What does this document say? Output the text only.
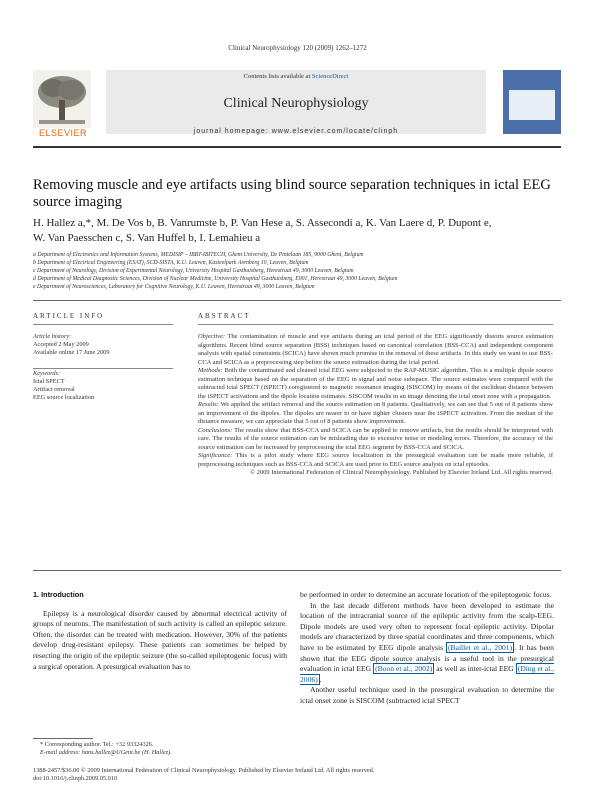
Clinical Neurophysiology 120 (2009) 1262–1272
ELSEVIER
Contents lists available at ScienceDirect
Clinical Neurophysiology
journal homepage: www.elsevier.com/locate/clinph
Removing muscle and eye artifacts using blind source separation techniques in ictal EEG source imaging
H. Hallez a,*, M. De Vos b, B. Vanrumste b, P. Van Hese a, S. Assecondi a, K. Van Laere d, P. Dupont e,
W. Van Paesschen c, S. Van Huffel b, I. Lemahieu a
a Department of Electronics and Information Systems, MEDISIP – IBBT-IBITECH, Ghent University, De Pintelaan 185, 9000 Ghent, Belgium
b Department of Electrical Engineering (ESAT), SCD-SISTA, K.U. Leuven, Kasteelpark Arenberg 10, Leuven, Belgium
c Department of Neurology, Division of Experimental Neurology, University Hospital Gasthuisberg, Herestraat 49, 3000 Leuven, Belgium
d Department of Medical Diagnostic Sciences, Division of Nuclear Medicine, University Hospital Gasthuisberg, E901, Herestraat 49, 3000 Leuven, Belgium
e Department of Neurosciences, Laboratory for Cognitive Neurology, K.U. Leuven, Herestraat 49, 3000 Leuven, Belgium
ARTICLE INFO
Article history:
Accepted 2 May 2009
Available online 17 June 2009
Keywords:
Ictal SPECT
Artifact removal
EEG source localization
ABSTRACT

Objective: The contamination of muscle and eye artifacts during an ictal period of the EEG significantly distorts source estimation algorithms. Recent blind source separation (BSS) techniques based on canonical correlation (BSS-CCA) and independent component analysis with spatial constraints (SCICA) have shown much promise in the removal of these artifacts. In this study we want to use BSS-CCA and SCICA as a preprocessing step before the source estimation during the ictal period.

Methods: Both the contaminated and cleaned ictal EEG were subjected to the RAP-MUSIC algorithm. This is a multiple dipole source estimation technique based on the separation of the EEG in signal and noise subspace. The source estimates were compared with the subtracted ictal SPECT (iSPECT) coregistered to magnetic resonance imaging (SISCOM) by means of the euclidean distance between the iSPECT activations and the dipole location estimates. SISCOM results in an image denoting the ictal onset zone with a propagation.

Results: We applied the artifact removal and the source estimation on 8 patients. Qualitatively, we can see that 5 out of 8 patients show an improvement of the dipoles. The dipoles are nearer to or have tighter clusters near the iSPECT activation. From the median of the distance measure, we can appreciate that 5 out of 8 patients show improvement.

Conclusions: The results show that BSS-CCA and SCICA can be applied to remove artifacts, but the results should be interpreted with care. The results of the source estimation can be misleading due to excessive noise or modeling errors. Therefore, the accuracy of the source estimation can be increased by preprocessing the ictal EEG segment by BSS-CCA and SCICA.

Significance: This is a pilot study where EEG source localization in the presurgical evaluation can be made more reliable, if preprocessing techniques such as BSS-CCA and SCICA are used prior to EEG source analysis on ictal episodes.

© 2009 International Federation of Clinical Neurophysiology. Published by Elsevier Ireland Ltd. All rights reserved.

1. Introduction

Epilepsy is a neurological disorder caused by abnormal electrical activity of groups of neurons. The manifestation of such activity is called an epileptic seizure. Often, the disorder can be treated with medication. However, 30% of the patients develop drug-resistant epilepsy. These patients can sometimes be helped by resecting the origin of the epileptic seizure (the so-called epileptogenic focus) with a surgical operation. A presurgical evaluation has to

be performed in order to determine an accurate location of the epileptogenic focus.

In the last decade different methods have been developed to estimate the location of the intracranial source of the epileptic activity from the scalp-EEG. Dipole models are used very often to represent focal epileptic activity. Dipolar models are characterized by three spatial coordinates and three components, which have to be estimated by EEG dipole analysis (Baillet et al., 2001) . It has been shown that the EEG dipole source analysis is a useful tool in the presurgical evaluation in ictal EEG (Boon et al., 2002) as well as inter-ictal EEG (Ding et al., 2006) .

Another useful technique used in the presurgical evaluation to determine the ictal onset zone is SISCOM (subtracted ictal SPECT

* Corresponding author. Tel.: +32 93324326.
E-mail address: hans.hallez@UGent.be (H. Hallez).
1388-2457/$36.00 © 2009 International Federation of Clinical Neurophysiology. Published by Elsevier Ireland Ltd. All rights reserved.
doi:10.1016/j.clinph.2009.05.010
